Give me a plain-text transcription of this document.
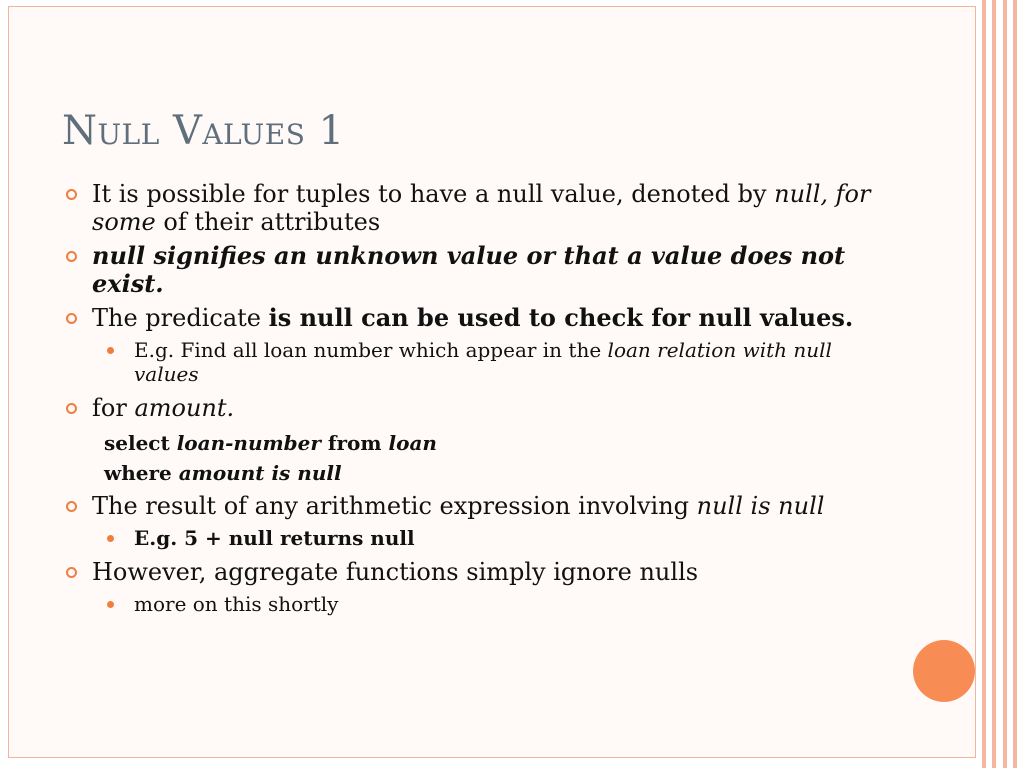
Null Values 1
It is possible for tuples to have a null value, denoted by null, for some of their attributes
null signifies an unknown value or that a value does not exist.
The predicate is null can be used to check for null values.
E.g. Find all loan number which appear in the loan relation with null values
for amount.
select loan-number from loan
where amount is null
The result of any arithmetic expression involving null is null
E.g. 5 + null returns null
However, aggregate functions simply ignore nulls
more on this shortly
